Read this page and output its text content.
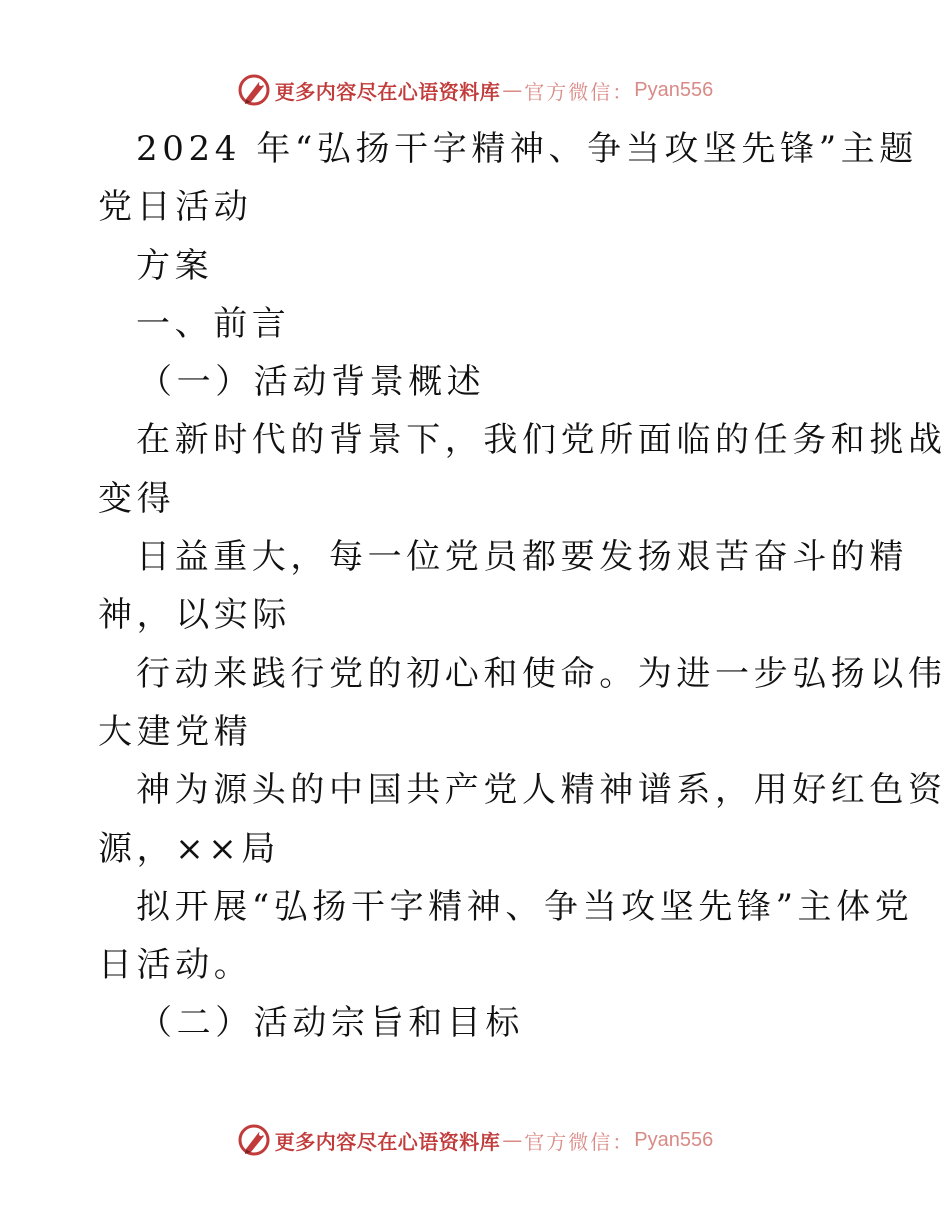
更多内容尽在心语资料库 — 官方微信： Pyan556
2024 年“弘扬干字精神、争当攻坚先锋”主题
党日活动
方案
一、前言
（一）活动背景概述
在新时代的背景下，我们党所面临的任务和挑战
变得
日益重大，每一位党员都要发扬艰苦奋斗的精
神，以实际
行动来践行党的初心和使命。为进一步弘扬以伟
大建党精
神为源头的中国共产党人精神谱系，用好红色资
源，××局
拟开展“弘扬干字精神、争当攻坚先锋”主体党
日活动。
（二）活动宗旨和目标
更多内容尽在心语资料库 — 官方微信： Pyan556
